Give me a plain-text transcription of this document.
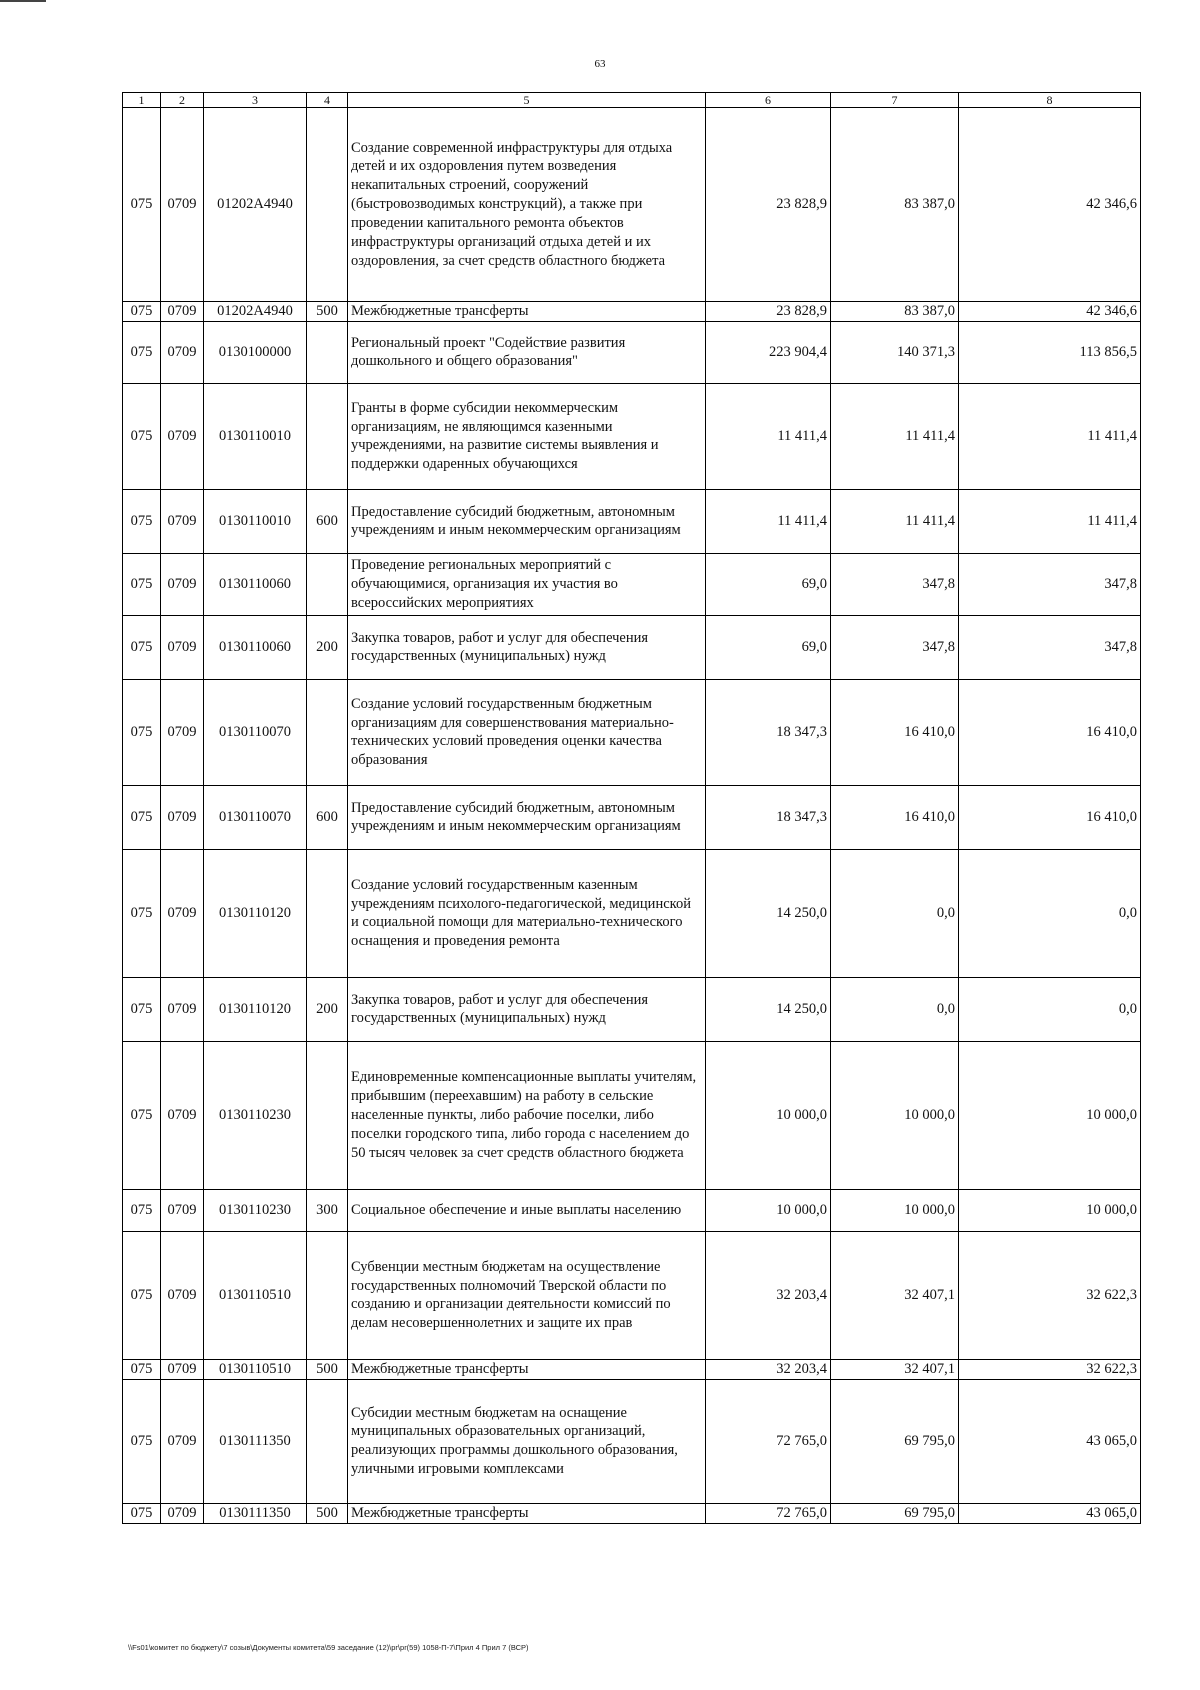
63
1	2	3	4	5	6	7	8
075	0709	01202А4940		Создание современной инфраструктуры для отдыха детей и их оздоровления путем возведения некапитальных строений, сооружений (быстровозводимых конструкций), а также при проведении капитального ремонта объектов инфраструктуры организаций отдыха детей и их оздоровления, за счет средств областного бюджета	23 828,9	83 387,0	42 346,6
075	0709	01202А4940	500	Межбюджетные трансферты	23 828,9	83 387,0	42 346,6
075	0709	0130100000		Региональный проект "Содействие развития дошкольного и общего образования"	223 904,4	140 371,3	113 856,5
075	0709	0130110010		Гранты в форме субсидии некоммерческим организациям, не являющимся казенными учреждениями, на развитие системы выявления и поддержки одаренных обучающихся	11 411,4	11 411,4	11 411,4
075	0709	0130110010	600	Предоставление субсидий бюджетным, автономным учреждениям и иным некоммерческим организациям	11 411,4	11 411,4	11 411,4
075	0709	0130110060		Проведение региональных мероприятий с обучающимися, организация их участия во всероссийских мероприятиях	69,0	347,8	347,8
075	0709	0130110060	200	Закупка товаров, работ и услуг для обеспечения государственных (муниципальных) нужд	69,0	347,8	347,8
075	0709	0130110070		Создание условий государственным бюджетным организациям для совершенствования материально-технических условий проведения оценки качества образования	18 347,3	16 410,0	16 410,0
075	0709	0130110070	600	Предоставление субсидий бюджетным, автономным учреждениям и иным некоммерческим организациям	18 347,3	16 410,0	16 410,0
075	0709	0130110120		Создание условий государственным казенным учреждениям психолого-педагогической, медицинской и социальной помощи для материально-технического оснащения и проведения ремонта	14 250,0	0,0	0,0
075	0709	0130110120	200	Закупка товаров, работ и услуг для обеспечения государственных (муниципальных) нужд	14 250,0	0,0	0,0
075	0709	0130110230		Единовременные компенсационные выплаты учителям, прибывшим (переехавшим) на работу в сельские населенные пункты, либо рабочие поселки, либо поселки городского типа, либо города с населением до 50 тысяч человек за счет средств областного бюджета	10 000,0	10 000,0	10 000,0
075	0709	0130110230	300	Социальное обеспечение и иные выплаты населению	10 000,0	10 000,0	10 000,0
075	0709	0130110510		Субвенции местным бюджетам на осуществление государственных полномочий Тверской области по созданию и организации деятельности комиссий по делам несовершеннолетних и защите их прав	32 203,4	32 407,1	32 622,3
075	0709	0130110510	500	Межбюджетные трансферты	32 203,4	32 407,1	32 622,3
075	0709	0130111350		Субсидии местным бюджетам на оснащение муниципальных образовательных организаций, реализующих программы дошкольного образования, уличными игровыми комплексами	72 765,0	69 795,0	43 065,0
075	0709	0130111350	500	Межбюджетные трансферты	72 765,0	69 795,0	43 065,0
\\Fs01\комитет по бюджету\7 созыв\Документы комитета\59 заседание (12)\pr\pr(59) 1058-П-7\Прил 4 Прил 7 (ВСР)
